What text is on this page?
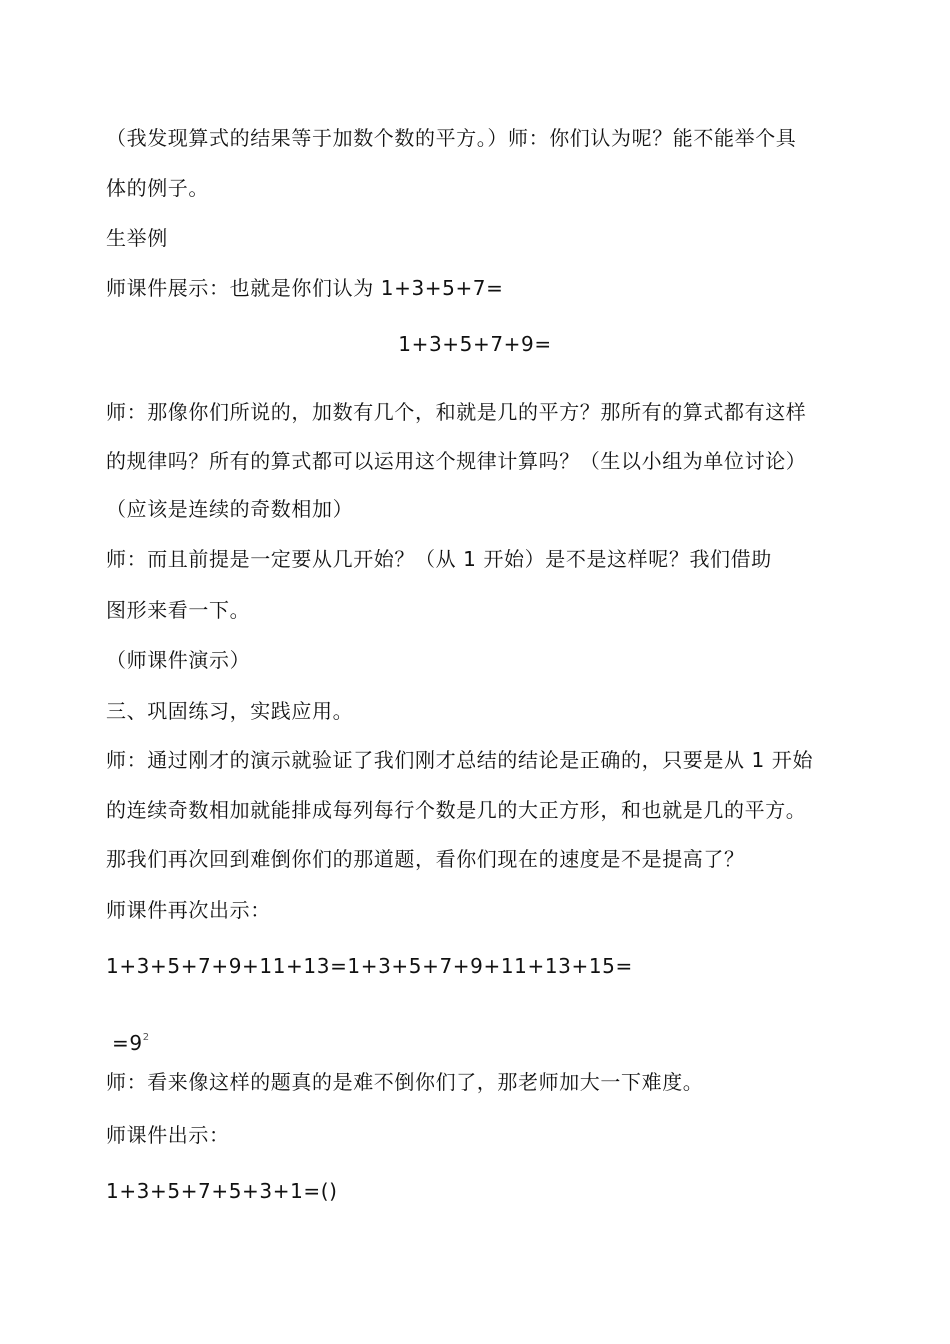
（我发现算式的结果等于加数个数的平方。）师：你们认为呢？能不能举个具
体的例子。
生举例
师课件展示：也就是你们认为 1+3+5+7=
1+3+5+7+9=
师：那像你们所说的，加数有几个，和就是几的平方？那所有的算式都有这样
的规律吗？所有的算式都可以运用这个规律计算吗？（生以小组为单位讨论）
（应该是连续的奇数相加）
师：而且前提是一定要从几开始？（从 1 开始）是不是这样呢？我们借助
图形来看一下。
（师课件演示）
三、巩固练习，实践应用。
师：通过刚才的演示就验证了我们刚才总结的结论是正确的，只要是从 1 开始
的连续奇数相加就能排成每列每行个数是几的大正方形，和也就是几的平方。
那我们再次回到难倒你们的那道题，看你们现在的速度是不是提高了？
师课件再次出示：
1+3+5+7+9+11+13=1+3+5+7+9+11+13+15=
$=9^2$
师：看来像这样的题真的是难不倒你们了，那老师加大一下难度。
师课件出示：
1+3+5+7+5+3+1=()
